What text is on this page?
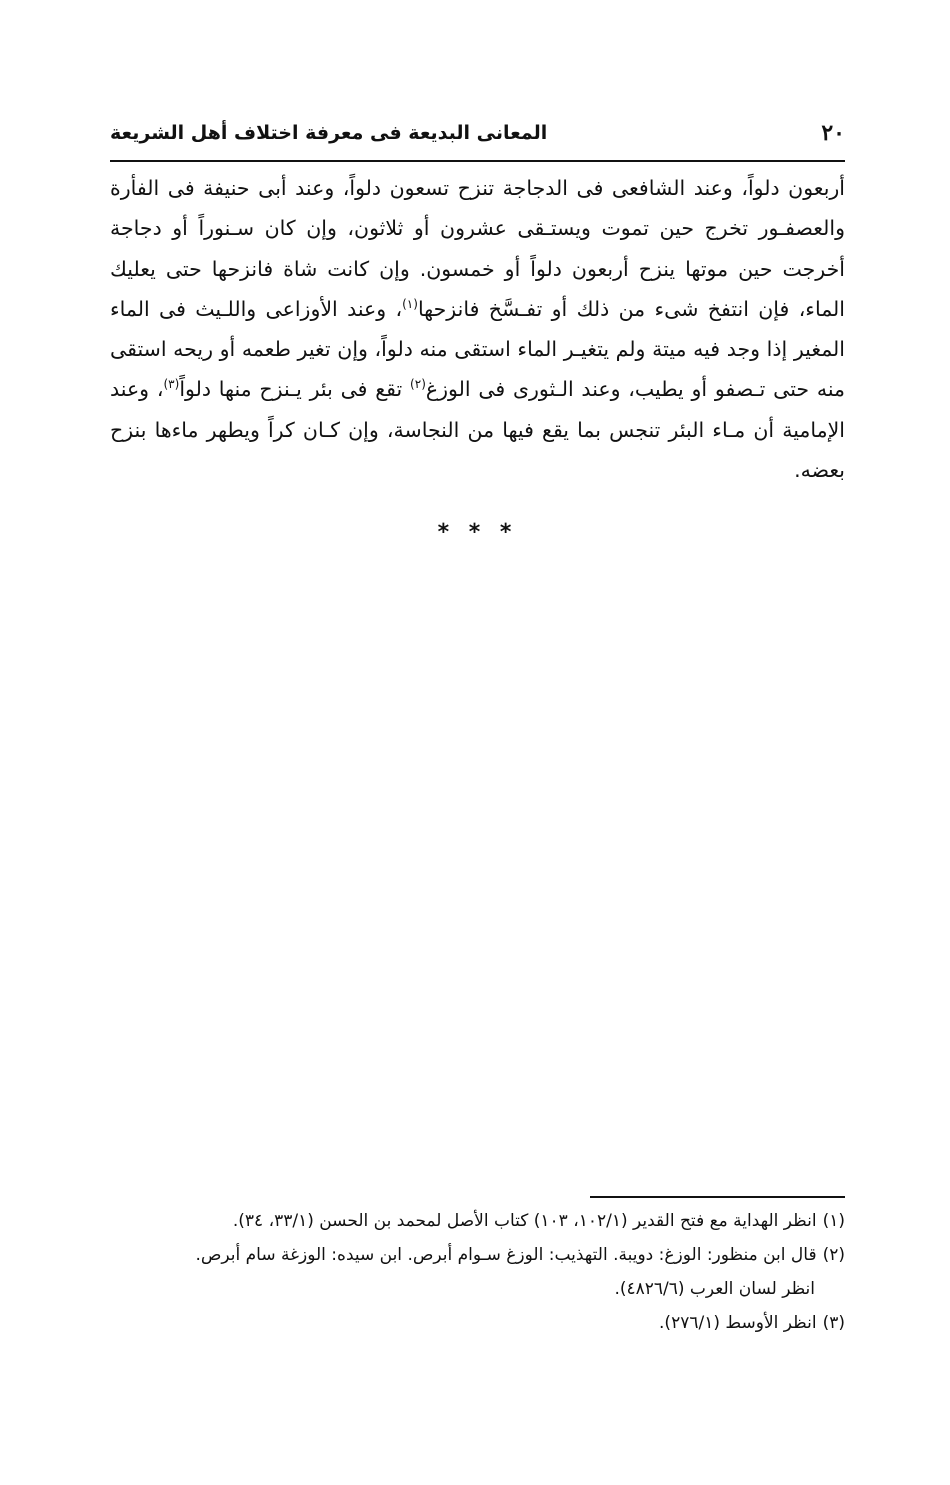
٢٠
المعانى البديعة فى معرفة اختلاف أهل الشريعة

أربعون دلواً، وعند الشافعى فى الدجاجة تنزح تسعون دلواً، وعند أبى حنيفة فى الفأرة والعصفـور تخرج حين تموت ويستـقى عشرون أو ثلاثون، وإن كان سـنوراً أو دجاجة أخرجت حين موتها ينزح أربعون دلواً أو خمسون. وإن كانت شاة فانزحها حتى يعليك الماء، فإن انتفخ شىء من ذلك أو تفـسَّخ فانزحها$^{(١)}$، وعند الأوزاعى واللـيث فى الماء المغير إذا وجد فيه ميتة ولم يتغيـر الماء استقى منه دلواً، وإن تغير طعمه أو ريحه استقى منه حتى تـصفو أو يطيب، وعند الـثورى فى الوزغ$^{(٢)}$ تقع فى بئر يـنزح منها دلواً$^{(٣)}$، وعند الإمامية أن مـاء البئر تنجس بما يقع فيها من النجاسة، وإن كـان كراً ويطهر ماءها بنزح بعضه.

* * *

(١)انظر الهداية مع فتح القدير (١٠٢/١، ١٠٣) كتاب الأصل لمحمد بن الحسن (٣٣/١، ٣٤).

(٢)قال ابن منظور: الوزغ: دويبة. التهذيب: الوزغ سـوام أبرص. ابن سيده: الوزغة سام أبرص.
انظر لسان العرب (٤٨٢٦/٦).

(٣)انظر الأوسط (٢٧٦/١).
